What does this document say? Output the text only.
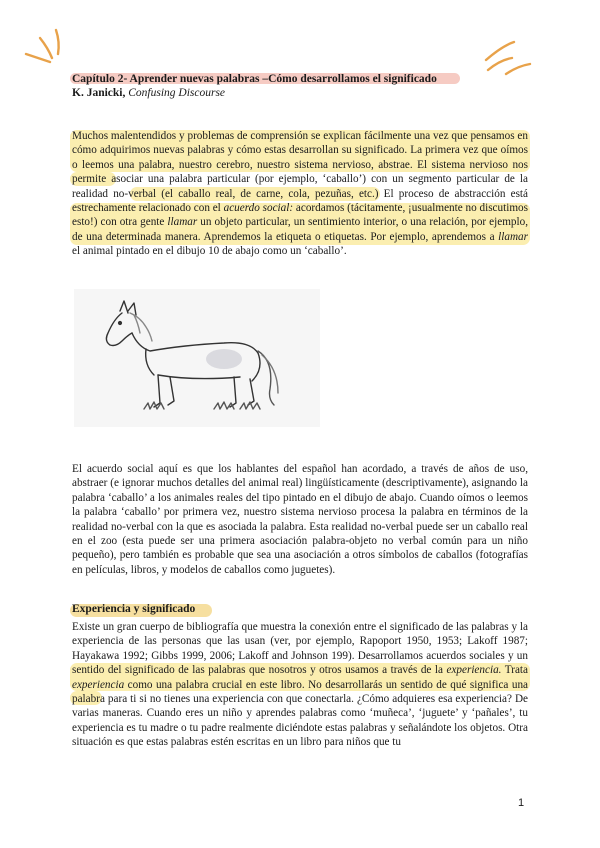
Capítulo 2- Aprender nuevas palabras –Cómo desarrollamos el significado
K. Janicki, Confusing Discourse
Muchos malentendidos y problemas de comprensión se explican fácilmente una vez que pensamos en cómo adquirimos nuevas palabras y cómo estas desarrollan su significado. La primera vez que oímos o leemos una palabra, nuestro cerebro, nuestro sistema nervioso, abstrae. El sistema nervioso nos permite asociar una palabra particular (por ejemplo, ‘caballo’) con un segmento particular de la realidad no-verbal (el caballo real, de carne, cola, pezuñas, etc.) El proceso de abstracción está estrechamente relacionado con el acuerdo social: acordamos (tácitamente, ¡usualmente no discutimos esto!) con otra gente llamar un objeto particular, un sentimiento interior, o una relación, por ejemplo, de una determinada manera. Aprendemos la etiqueta o etiquetas. Por ejemplo, aprendemos a llamar el animal pintado en el dibujo 10 de abajo como un ‘caballo’.
El acuerdo social aquí es que los hablantes del español han acordado, a través de años de uso, abstraer (e ignorar muchos detalles del animal real) lingüísticamente (descriptivamente), asignando la palabra ‘caballo’ a los animales reales del tipo pintado en el dibujo de abajo. Cuando oímos o leemos la palabra ‘caballo’ por primera vez, nuestro sistema nervioso procesa la palabra en términos de la realidad no-verbal con la que es asociada la palabra. Esta realidad no-verbal puede ser un caballo real en el zoo (esta puede ser una primera asociación palabra-objeto no verbal común para un niño pequeño), pero también es probable que sea una asociación a otros símbolos de caballos (fotografías en películas, libros, y modelos de caballos como juguetes).
Experiencia y significado
Existe un gran cuerpo de bibliografía que muestra la conexión entre el significado de las palabras y la experiencia de las personas que las usan (ver, por ejemplo, Rapoport 1950, 1953; Lakoff 1987; Hayakawa 1992; Gibbs 1999, 2006; Lakoff and Johnson 199). Desarrollamos acuerdos sociales y un sentido del significado de las palabras que nosotros y otros usamos a través de la experiencia. Trata experiencia como una palabra crucial en este libro. No desarrollarás un sentido de qué significa una palabra para ti si no tienes una experiencia con que conectarla. ¿Cómo adquieres esa experiencia? De varias maneras. Cuando eres un niño y aprendes palabras como ‘muñeca’, ‘juguete’ y ‘pañales’, tu experiencia es tu madre o tu padre realmente diciéndote estas palabras y señalándote los objetos. Otra situación es que estas palabras estén escritas en un libro para niños que tu
1
